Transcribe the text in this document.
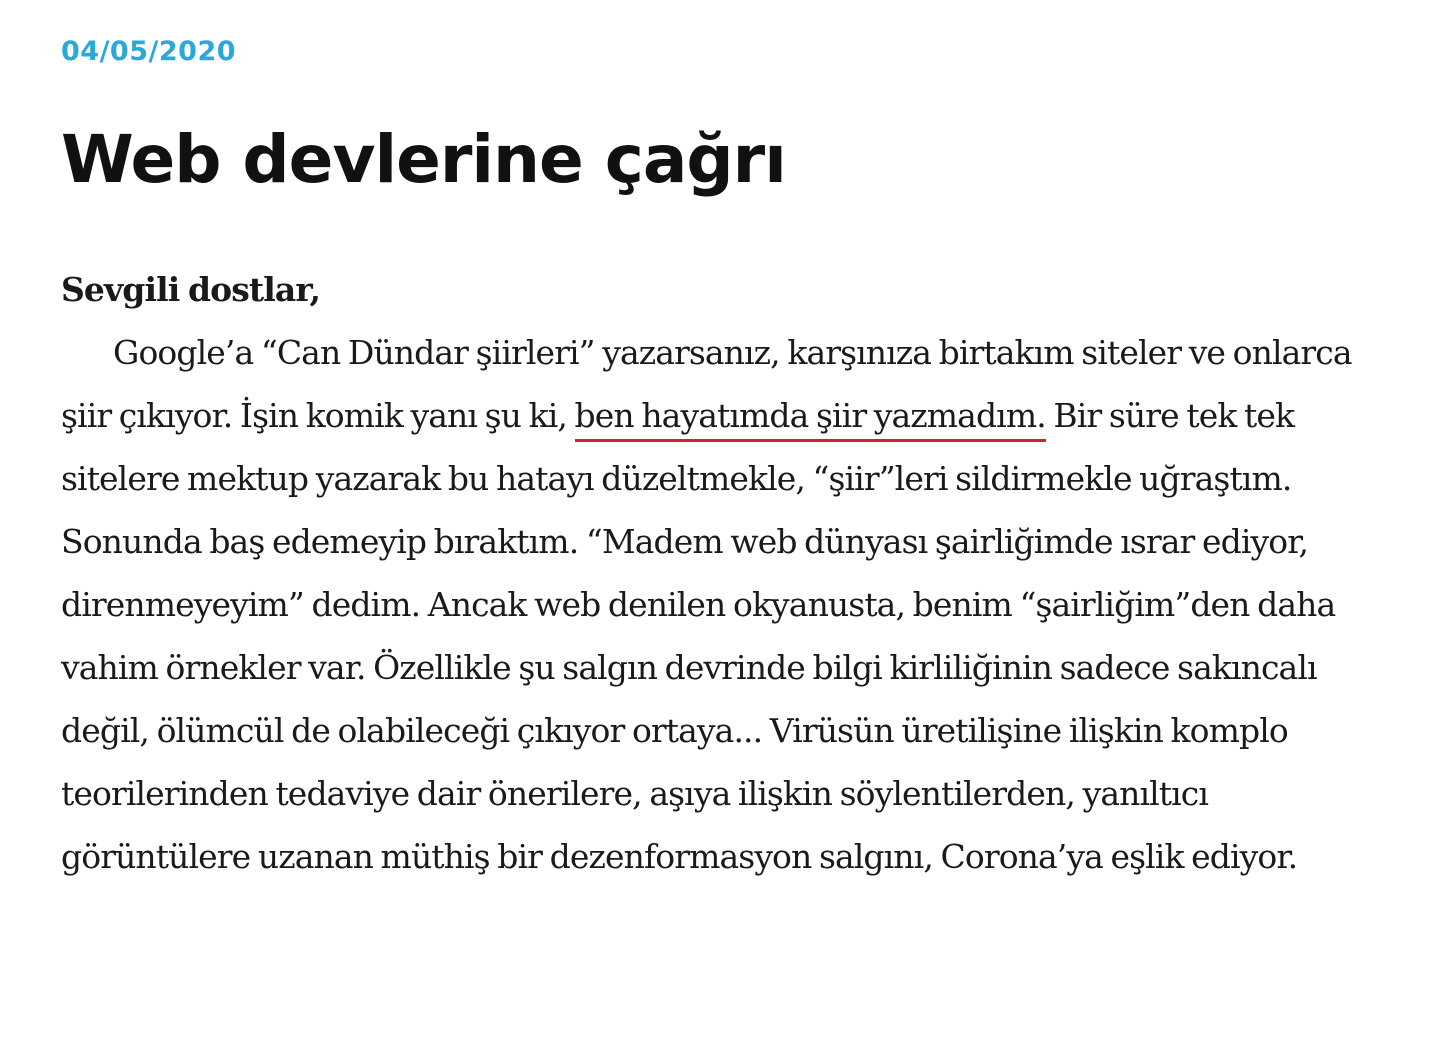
04/05/2020

Web devlerine çağrı
Sevgili dostlar,

Google’a “Can Dündar şiirleri” yazarsanız, karşınıza birtakım siteler ve onlarca şiir çıkıyor. İşin komik yanı şu ki, ben hayatımda şiir yazmadım. Bir süre tek tek sitelere mektup yazarak bu hatayı düzeltmekle, “şiir”leri sildirmekle uğraştım. Sonunda baş edemeyip bıraktım. “Madem web dünyası şairliğimde ısrar ediyor, direnmeyeyim” dedim. Ancak web denilen okyanusta, benim “şairliğim”den daha vahim örnekler var. Özellikle şu salgın devrinde bilgi kirliliğinin sadece sakıncalı değil, ölümcül de olabileceği çıkıyor ortaya... Virüsün üretilişine ilişkin komplo teorilerinden tedaviye dair önerilere, aşıya ilişkin söylentilerden, yanıltıcı görüntülere uzanan müthiş bir dezenformasyon salgını, Corona’ya eşlik ediyor.
